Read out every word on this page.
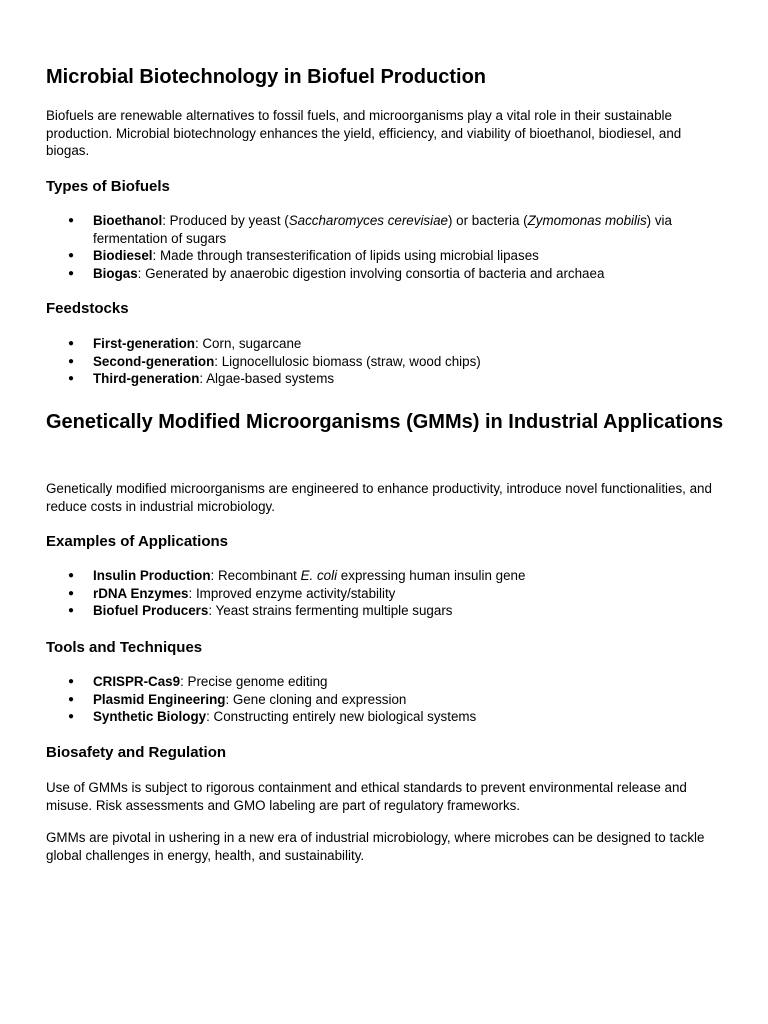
Microbial Biotechnology in Biofuel Production

Biofuels are renewable alternatives to fossil fuels, and microorganisms play a vital role in their sustainable production. Microbial biotechnology enhances the yield, efficiency, and viability of bioethanol, biodiesel, and biogas.

Types of Biofuels
● Bioethanol: Produced by yeast (Saccharomyces cerevisiae) or bacteria (Zymomonas mobilis) via fermentation of sugars
● Biodiesel: Made through transesterification of lipids using microbial lipases
● Biogas: Generated by anaerobic digestion involving consortia of bacteria and archaea
Feedstocks
● First-generation: Corn, sugarcane
● Second-generation: Lignocellulosic biomass (straw, wood chips)
● Third-generation: Algae-based systems
Genetically Modified Microorganisms (GMMs) in Industrial Applications

Genetically modified microorganisms are engineered to enhance productivity, introduce novel functionalities, and reduce costs in industrial microbiology.

Examples of Applications
● Insulin Production: Recombinant E. coli expressing human insulin gene
● rDNA Enzymes: Improved enzyme activity/stability
● Biofuel Producers: Yeast strains fermenting multiple sugars
Tools and Techniques
● CRISPR-Cas9: Precise genome editing
● Plasmid Engineering: Gene cloning and expression
● Synthetic Biology: Constructing entirely new biological systems
Biosafety and Regulation

Use of GMMs is subject to rigorous containment and ethical standards to prevent environmental release and misuse. Risk assessments and GMO labeling are part of regulatory frameworks.

GMMs are pivotal in ushering in a new era of industrial microbiology, where microbes can be designed to tackle global challenges in energy, health, and sustainability.
